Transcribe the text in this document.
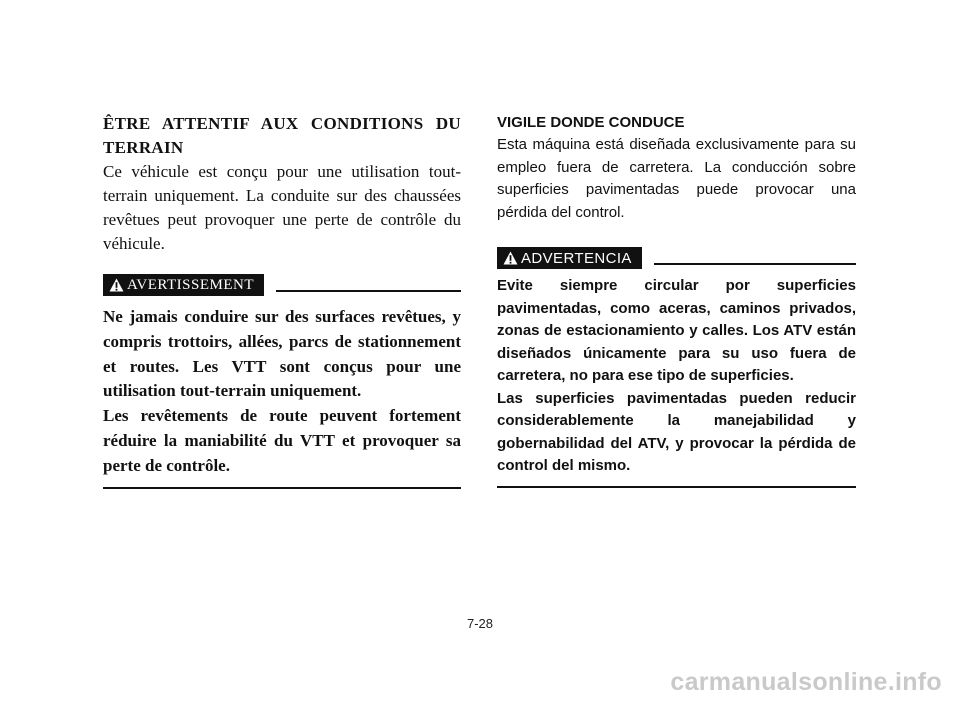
ÊTRE ATTENTIF AUX CONDITIONS DU TERRAIN

Ce véhicule est conçu pour une utilisation tout-terrain uniquement. La conduite sur des chaussées revêtues peut provoquer une perte de contrôle du véhicule.

AVERTISSEMENT

Ne jamais conduire sur des surfaces revêtues, y compris trottoirs, allées, parcs de stationnement et routes. Les VTT sont conçus pour une utilisation tout-terrain uniquement.

Les revêtements de route peuvent fortement réduire la maniabilité du VTT et provoquer sa perte de contrôle.

VIGILE DONDE CONDUCE

Esta máquina está diseñada exclusivamente para su empleo fuera de carretera. La conducción sobre superficies pavimentadas puede provocar una pérdida del control.

ADVERTENCIA

Evite siempre circular por superficies pavimentadas, como aceras, caminos privados, zonas de estacionamiento y calles. Los ATV están diseñados únicamente para su uso fuera de carretera, no para ese tipo de superficies.

Las superficies pavimentadas pueden reducir considerablemente la manejabilidad y gobernabilidad del ATV, y provocar la pérdida de control del mismo.

7-28
carmanualsonline.info
